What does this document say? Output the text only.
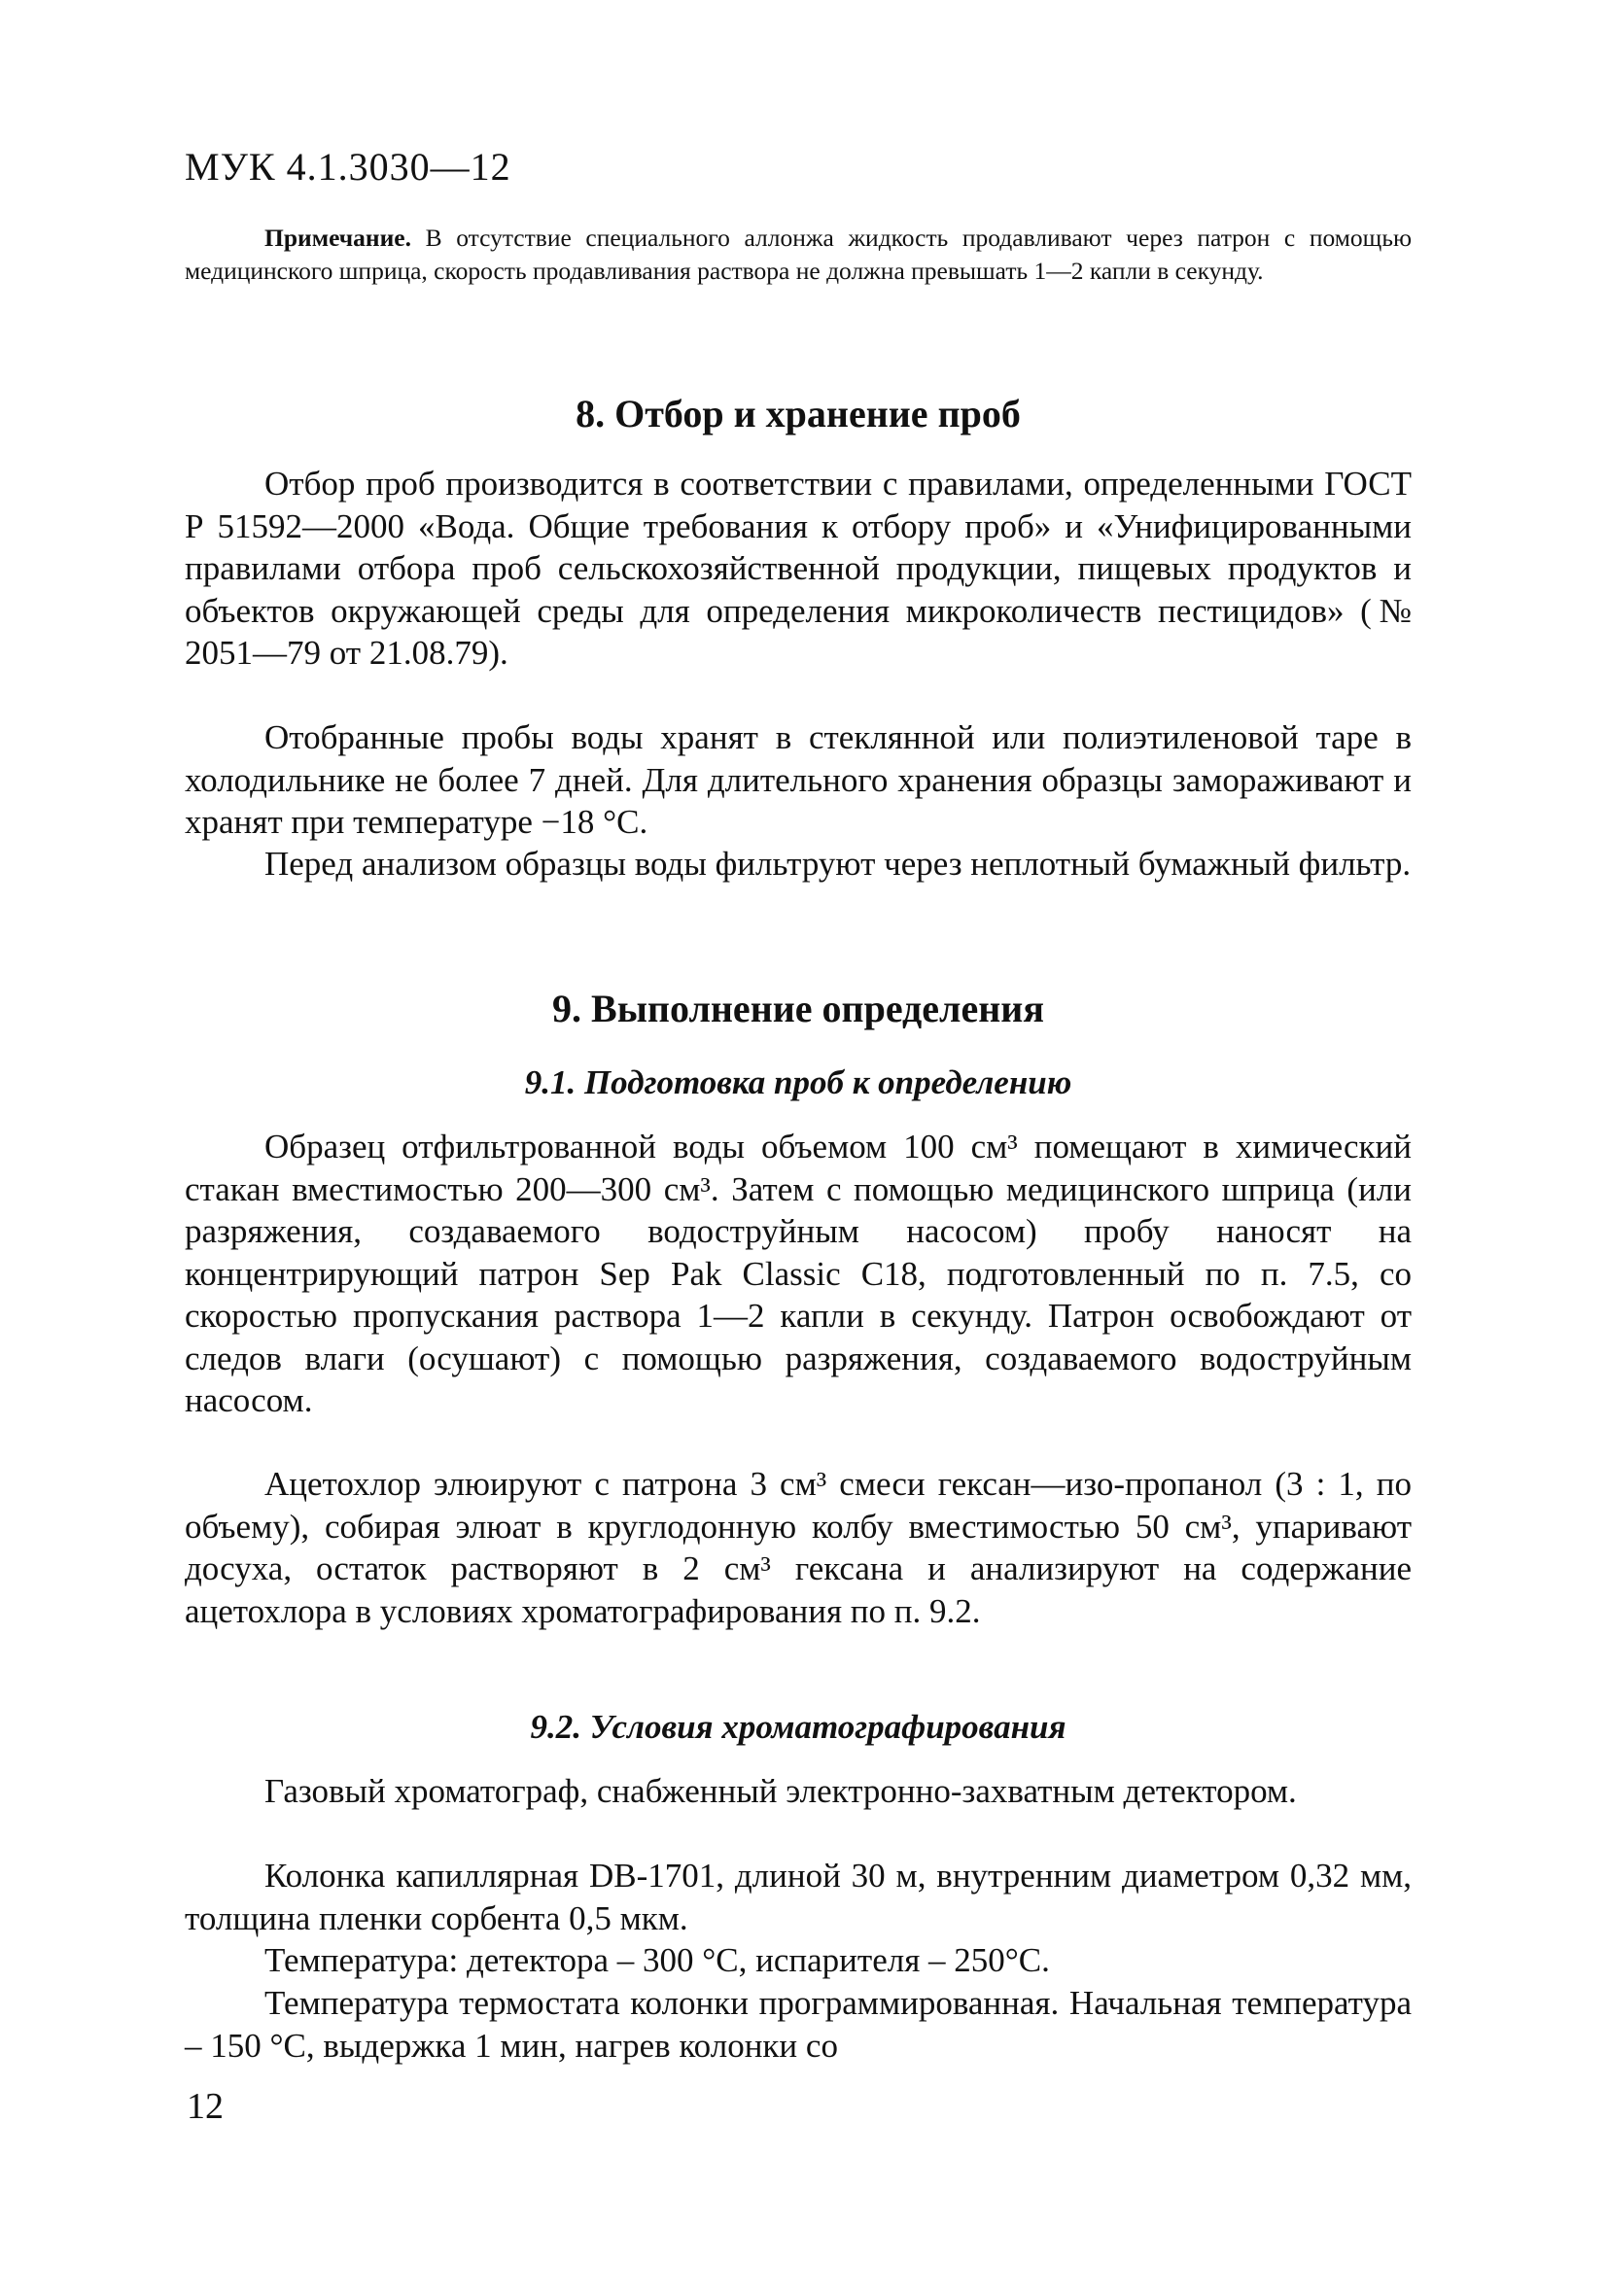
МУК 4.1.3030—12
Примечание. В отсутствие специального аллонжа жидкость продавливают через патрон с помощью медицинского шприца, скорость продавливания раствора не должна превышать 1—2 капли в секунду.
8. Отбор и хранение проб
Отбор проб производится в соответствии с правилами, определенными ГОСТ Р 51592—2000 «Вода. Общие требования к отбору проб» и «Унифицированными правилами отбора проб сельскохозяйственной продукции, пищевых продуктов и объектов окружающей среды для определения микроколичеств пестицидов» (№ 2051—79 от 21.08.79).
Отобранные пробы воды хранят в стеклянной или полиэтиленовой таре в холодильнике не более 7 дней. Для длительного хранения образцы замораживают и хранят при температуре −18 °С.
Перед анализом образцы воды фильтруют через неплотный бумажный фильтр.
9. Выполнение определения
9.1. Подготовка проб к определению
Образец отфильтрованной воды объемом 100 см³ помещают в химический стакан вместимостью 200—300 см³. Затем с помощью медицинского шприца (или разряжения, создаваемого водоструйным насосом) пробу наносят на концентрирующий патрон Sep Pak Classic C18, подготовленный по п. 7.5, со скоростью пропускания раствора 1—2 капли в секунду. Патрон освобождают от следов влаги (осушают) с помощью разряжения, создаваемого водоструйным насосом.
Ацетохлор элюируют с патрона 3 см³ смеси гексан—изо-пропанол (3 : 1, по объему), собирая элюат в круглодонную колбу вместимостью 50 см³, упаривают досуха, остаток растворяют в 2 см³ гексана и анализируют на содержание ацетохлора в условиях хроматографирования по п. 9.2.
9.2. Условия хроматографирования
Газовый хроматограф, снабженный электронно-захватным детектором.
Колонка капиллярная DB-1701, длиной 30 м, внутренним диаметром 0,32 мм, толщина пленки сорбента 0,5 мкм.
Температура: детектора – 300 °С, испарителя – 250°С.
Температура термостата колонки программированная. Начальная температура – 150 °С, выдержка 1 мин, нагрев колонки со
12
